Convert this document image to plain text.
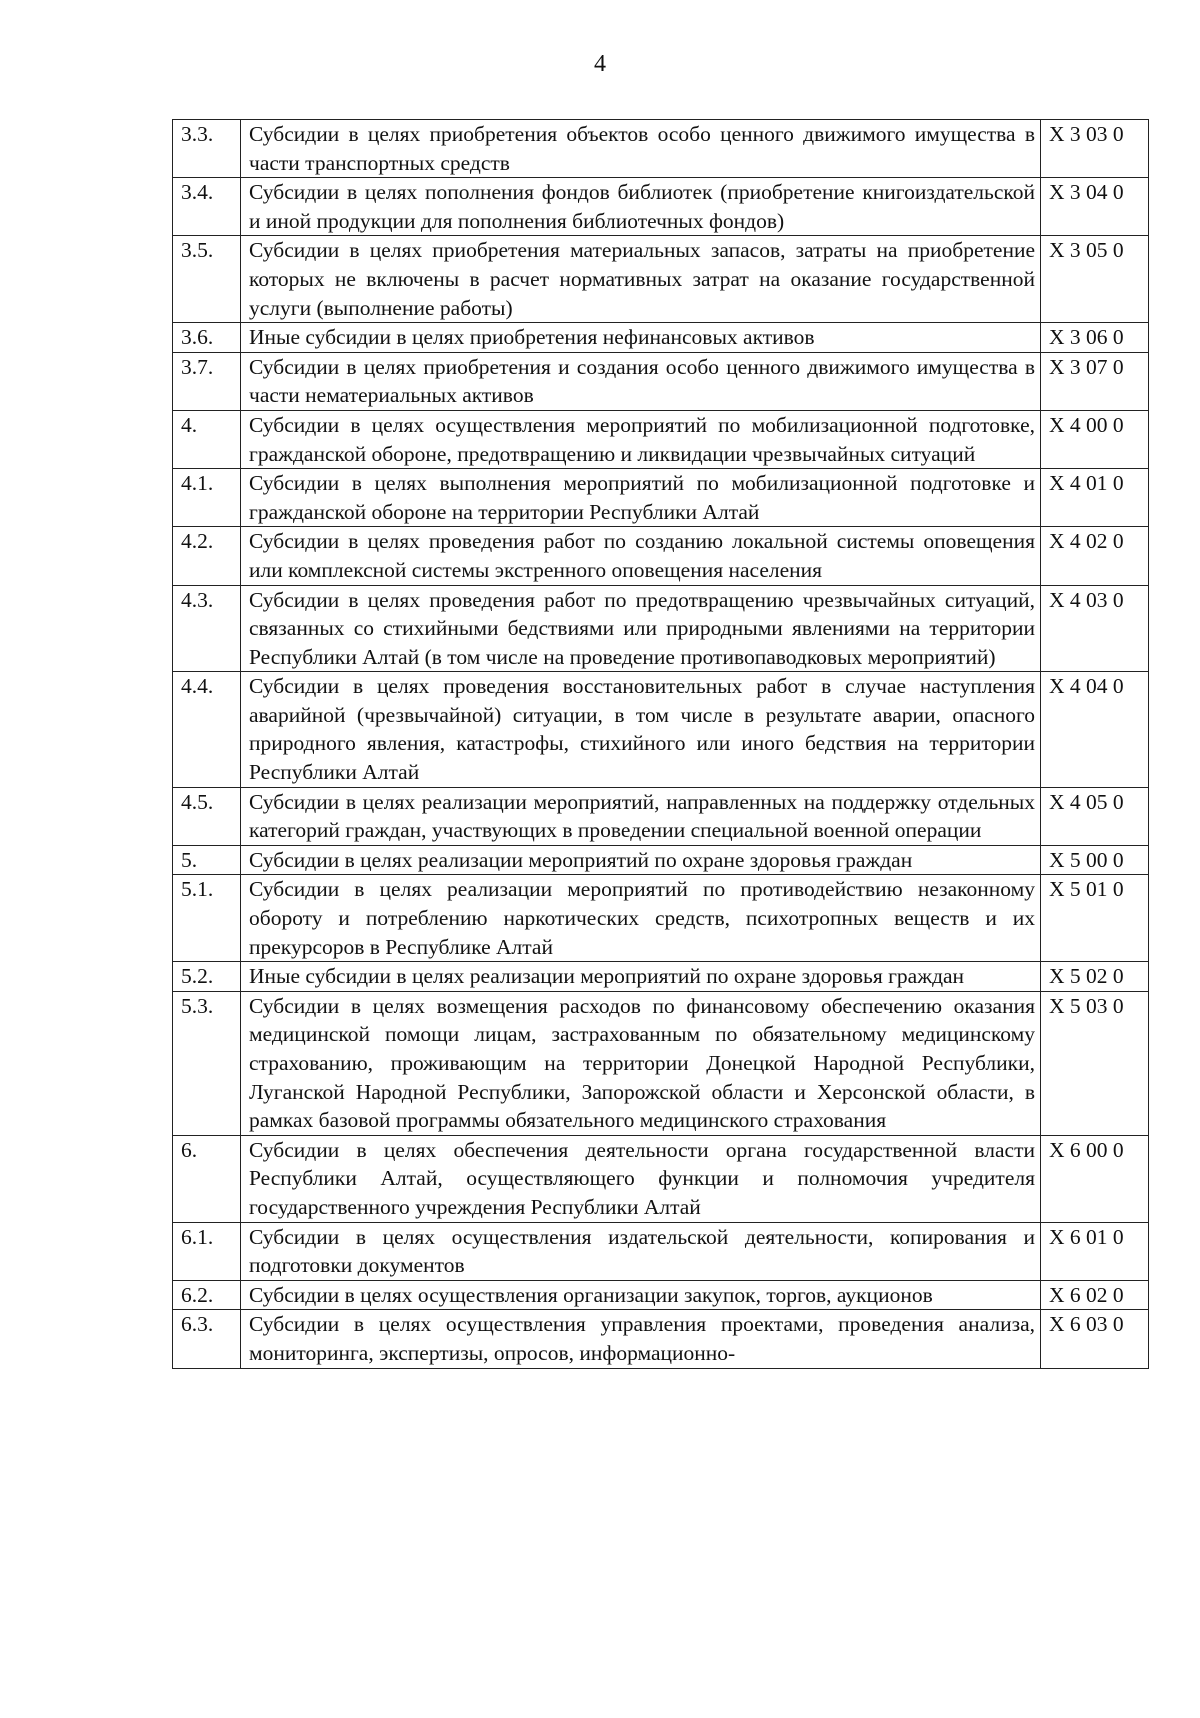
4
3.3.	Субсидии в целях приобретения объектов особо ценного движимого имущества в части транспортных средств	Х 3 03 0
3.4.	Субсидии в целях пополнения фондов библиотек (приобретение книгоиздательской и иной продукции для пополнения библиотечных фондов)	Х 3 04 0
3.5.	Субсидии в целях приобретения материальных запасов, затраты на приобретение которых не включены в расчет нормативных затрат на оказание государственной услуги (выполнение работы)	Х 3 05 0
3.6.	Иные субсидии в целях приобретения нефинансовых активов	Х 3 06 0
3.7.	Субсидии в целях приобретения и создания особо ценного движимого имущества в части нематериальных активов	Х 3 07 0
4.	Субсидии в целях осуществления мероприятий по мобилизационной подготовке, гражданской обороне, предотвращению и ликвидации чрезвычайных ситуаций	Х 4 00 0
4.1.	Субсидии в целях выполнения мероприятий по мобилизационной подготовке и гражданской обороне на территории Республики Алтай	Х 4 01 0
4.2.	Субсидии в целях проведения работ по созданию локальной системы оповещения или комплексной системы экстренного оповещения населения	Х 4 02 0
4.3.	Субсидии в целях проведения работ по предотвращению чрезвычайных ситуаций, связанных со стихийными бедствиями или природными явлениями на территории Республики Алтай (в том числе на проведение противопаводковых мероприятий)	Х 4 03 0
4.4.	Субсидии в целях проведения восстановительных работ в случае наступления аварийной (чрезвычайной) ситуации, в том числе в результате аварии, опасного природного явления, катастрофы, стихийного или иного бедствия на территории Республики Алтай	Х 4 04 0
4.5.	Субсидии в целях реализации мероприятий, направленных на поддержку отдельных категорий граждан, участвующих в проведении специальной военной операции	Х 4 05 0
5.	Субсидии в целях реализации мероприятий по охране здоровья граждан	Х 5 00 0
5.1.	Субсидии в целях реализации мероприятий по противодействию незаконному обороту и потреблению наркотических средств, психотропных веществ и их прекурсоров в Республике Алтай	Х 5 01 0
5.2.	Иные субсидии в целях реализации мероприятий по охране здоровья граждан	Х 5 02 0
5.3.	Субсидии в целях возмещения расходов по финансовому обеспечению оказания медицинской помощи лицам, застрахованным по обязательному медицинскому страхованию, проживающим на территории Донецкой Народной Республики, Луганской Народной Республики, Запорожской области и Херсонской области, в рамках базовой программы обязательного медицинского страхования	Х 5 03 0
6.	Субсидии в целях обеспечения деятельности органа государственной власти Республики Алтай, осуществляющего функции и полномочия учредителя государственного учреждения Республики Алтай	Х 6 00 0
6.1.	Субсидии в целях осуществления издательской деятельности, копирования и подготовки документов	Х 6 01 0
6.2.	Субсидии в целях осуществления организации закупок, торгов, аукционов	Х 6 02 0
6.3.	Субсидии в целях осуществления управления проектами, проведения анализа, мониторинга, экспертизы, опросов, информационно-	Х 6 03 0
